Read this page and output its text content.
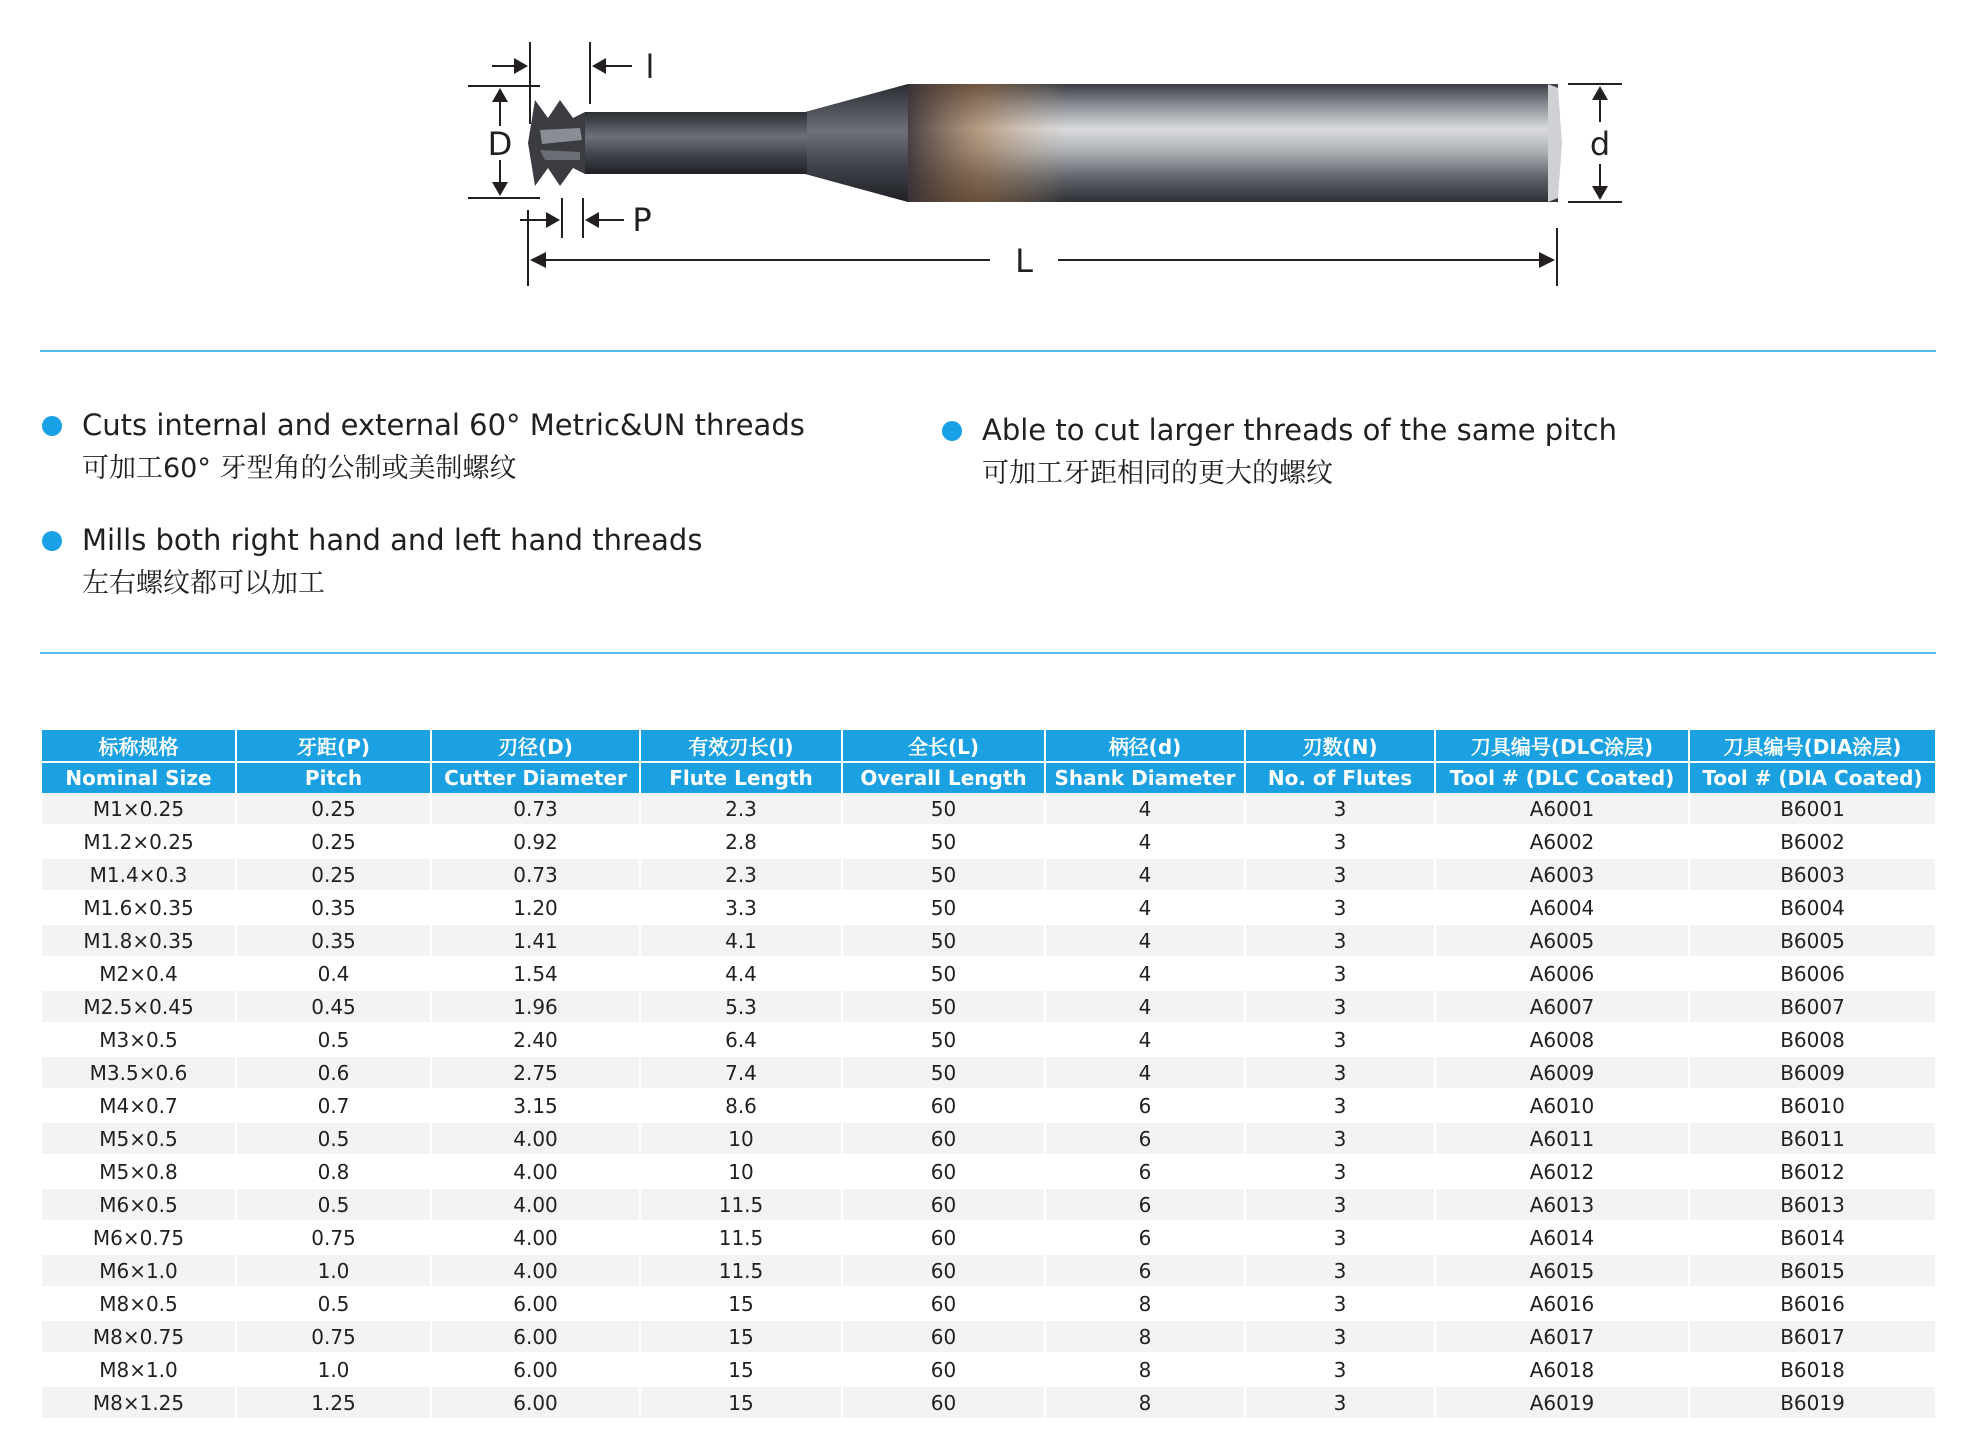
D
l
P
L
d
Cuts internal and external 60° Metric&UN threads
可加工60° 牙型角的公制或美制螺纹
Mills both right hand and left hand threads
左右螺纹都可以加工
Able to cut larger threads of the same pitch
可加工牙距相同的更大的螺纹
标称规格	牙距(P)	刃径(D)	有效刃长(l)	全长(L)	柄径(d)	刃数(N)	刀具编号(DLC涂层)	刀具编号(DIA涂层)
Nominal Size	Pitch	Cutter Diameter	Flute Length	Overall Length	Shank Diameter	No. of Flutes	Tool # (DLC Coated)	Tool # (DIA Coated)
M1×0.25	0.25	0.73	2.3	50	4	3	A6001	B6001
M1.2×0.25	0.25	0.92	2.8	50	4	3	A6002	B6002
M1.4×0.3	0.25	0.73	2.3	50	4	3	A6003	B6003
M1.6×0.35	0.35	1.20	3.3	50	4	3	A6004	B6004
M1.8×0.35	0.35	1.41	4.1	50	4	3	A6005	B6005
M2×0.4	0.4	1.54	4.4	50	4	3	A6006	B6006
M2.5×0.45	0.45	1.96	5.3	50	4	3	A6007	B6007
M3×0.5	0.5	2.40	6.4	50	4	3	A6008	B6008
M3.5×0.6	0.6	2.75	7.4	50	4	3	A6009	B6009
M4×0.7	0.7	3.15	8.6	60	6	3	A6010	B6010
M5×0.5	0.5	4.00	10	60	6	3	A6011	B6011
M5×0.8	0.8	4.00	10	60	6	3	A6012	B6012
M6×0.5	0.5	4.00	11.5	60	6	3	A6013	B6013
M6×0.75	0.75	4.00	11.5	60	6	3	A6014	B6014
M6×1.0	1.0	4.00	11.5	60	6	3	A6015	B6015
M8×0.5	0.5	6.00	15	60	8	3	A6016	B6016
M8×0.75	0.75	6.00	15	60	8	3	A6017	B6017
M8×1.0	1.0	6.00	15	60	8	3	A6018	B6018
M8×1.25	1.25	6.00	15	60	8	3	A6019	B6019
